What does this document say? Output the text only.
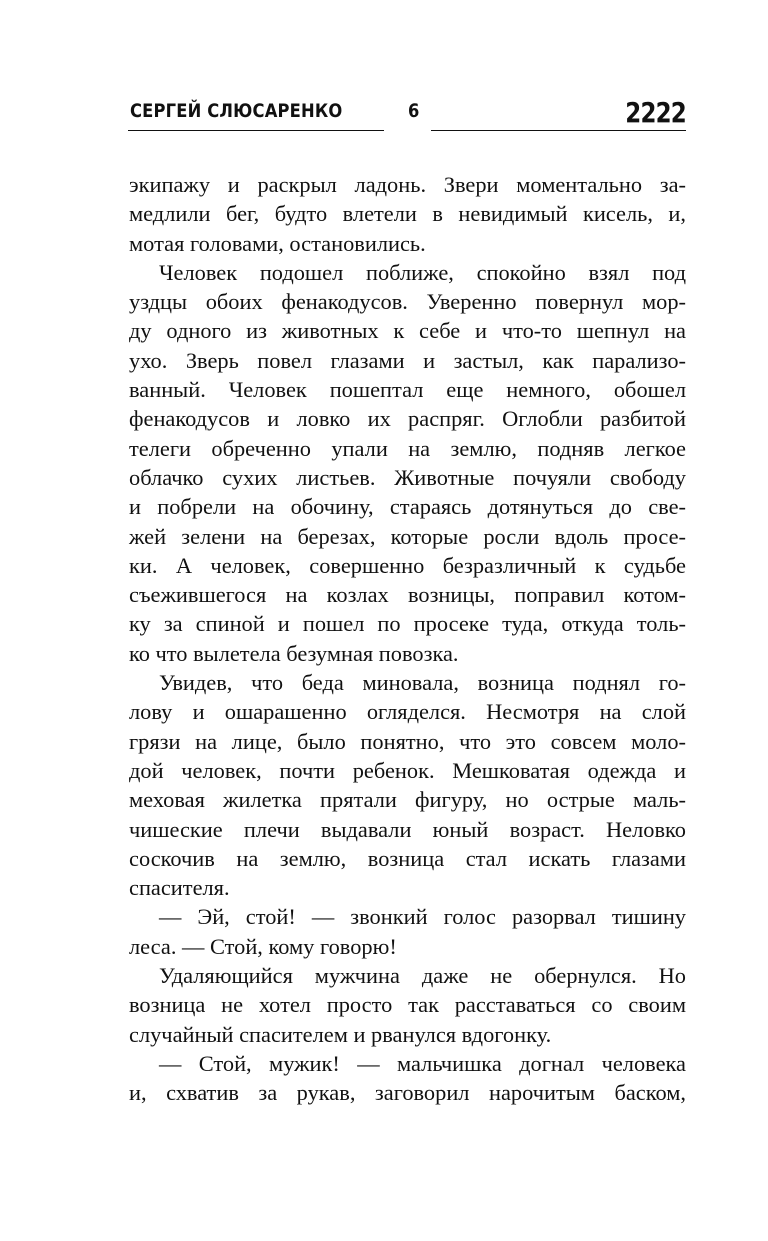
СЕРГЕЙ СЛЮСАРЕНКО	6	2222
экипажу и раскрыл ладонь. Звери моментально за-
медлили бег, будто влетели в невидимый кисель, и,
мотая головами, остановились.
Человек подошел поближе, спокойно взял под
уздцы обоих фенакодусов. Уверенно повернул мор-
ду одного из животных к себе и что-то шепнул на
ухо. Зверь повел глазами и застыл, как парализо-
ванный. Человек пошептал еще немного, обошел
фенакодусов и ловко их распряг. Оглобли разбитой
телеги обреченно упали на землю, подняв легкое
облачко сухих листьев. Животные почуяли свободу
и побрели на обочину, стараясь дотянуться до све-
жей зелени на березах, которые росли вдоль просе-
ки. А человек, совершенно безразличный к судьбе
съежившегося на козлах возницы, поправил котом-
ку за спиной и пошел по просеке туда, откуда толь-
ко что вылетела безумная повозка.
Увидев, что беда миновала, возница поднял го-
лову и ошарашенно огляделся. Несмотря на слой
грязи на лице, было понятно, что это совсем моло-
дой человек, почти ребенок. Мешковатая одежда и
меховая жилетка прятали фигуру, но острые маль-
чишеские плечи выдавали юный возраст. Неловко
соскочив на землю, возница стал искать глазами
спасителя.
— Эй, стой! — звонкий голос разорвал тишину
леса. — Стой, кому говорю!
Удаляющийся мужчина даже не обернулся. Но
возница не хотел просто так расставаться со своим
случайный спасителем и рванулся вдогонку.
— Стой, мужик! — мальчишка догнал человека
и, схватив за рукав, заговорил нарочитым баском,
